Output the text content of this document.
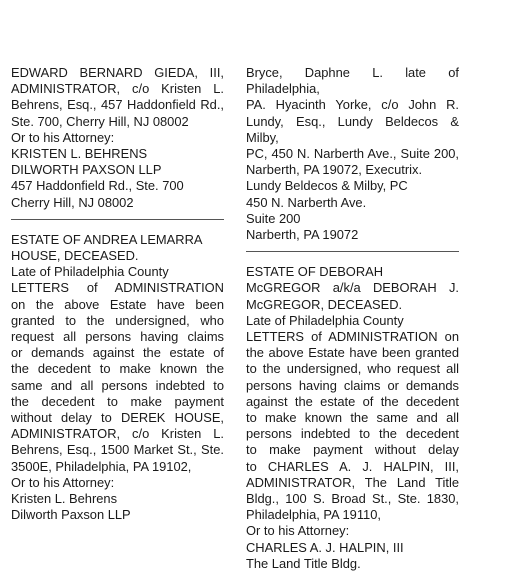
EDWARD BERNARD GIEDA, III,
ADMINISTRATOR, c/o Kristen L.
Behrens, Esq., 457 Haddonfield Rd.,
Ste. 700, Cherry Hill, NJ 08002
Or to his Attorney:
KRISTEN L. BEHRENS
DILWORTH PAXSON LLP
457 Haddonfield Rd., Ste. 700
Cherry Hill, NJ 08002
ESTATE OF ANDREA LEMARRA
HOUSE, DECEASED.
Late of Philadelphia County
LETTERS of ADMINISTRATION
on the above Estate have been
granted to the undersigned, who
request all persons having claims
or demands against the estate of
the decedent to make known the
same and all persons indebted to
the decedent to make payment
without delay to DEREK HOUSE,
ADMINISTRATOR, c/o Kristen L.
Behrens, Esq., 1500 Market St., Ste.
3500E, Philadelphia, PA 19102,
Or to his Attorney:
Kristen L. Behrens
Dilworth Paxson LLP
Bryce, Daphne L. late of Philadelphia,
PA. Hyacinth Yorke, c/o John R.
Lundy, Esq., Lundy Beldecos & Milby,
PC, 450 N. Narberth Ave., Suite 200,
Narberth, PA 19072, Executrix.
Lundy Beldecos & Milby, PC
450 N. Narberth Ave.
Suite 200
Narberth, PA 19072
ESTATE OF DEBORAH
McGREGOR a/k/a DEBORAH J.
McGREGOR, DECEASED.
Late of Philadelphia County
LETTERS of ADMINISTRATION on
the above Estate have been granted
to the undersigned, who request all
persons having claims or demands
against the estate of the decedent
to make known the same and all
persons indebted to the decedent
to make payment without delay
to CHARLES A. J. HALPIN, III,
ADMINISTRATOR, The Land Title
Bldg., 100 S. Broad St., Ste. 1830,
Philadelphia, PA 19110,
Or to his Attorney:
CHARLES A. J. HALPIN, III
The Land Title Bldg.
